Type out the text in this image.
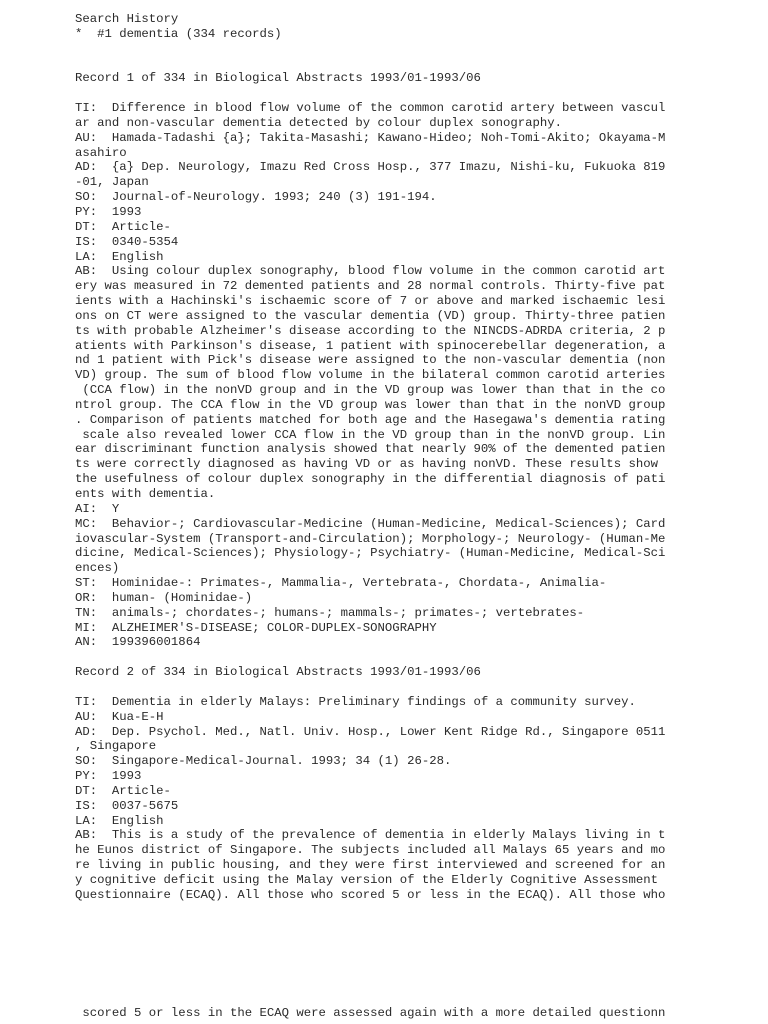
Search History
*  #1 dementia (334 records)
Record 1 of 334 in Biological Abstracts 1993/01-1993/06
TI:  Difference in blood flow volume of the common carotid artery between vascul
ar and non-vascular dementia detected by colour duplex sonography.
AU:  Hamada-Tadashi {a}; Takita-Masashi; Kawano-Hideo; Noh-Tomi-Akito; Okayama-M
asahiro
AD:  {a} Dep. Neurology, Imazu Red Cross Hosp., 377 Imazu, Nishi-ku, Fukuoka 819
-01, Japan
SO:  Journal-of-Neurology. 1993; 240 (3) 191-194.
PY:  1993
DT:  Article-
IS:  0340-5354
LA:  English
AB:  Using colour duplex sonography, blood flow volume in the common carotid art
ery was measured in 72 demented patients and 28 normal controls. Thirty-five pat
ients with a Hachinski's ischaemic score of 7 or above and marked ischaemic lesi
ons on CT were assigned to the vascular dementia (VD) group. Thirty-three patien
ts with probable Alzheimer's disease according to the NINCDS-ADRDA criteria, 2 p
atients with Parkinson's disease, 1 patient with spinocerebellar degeneration, a
nd 1 patient with Pick's disease were assigned to the non-vascular dementia (non
VD) group. The sum of blood flow volume in the bilateral common carotid arteries
(CCA flow) in the nonVD group and in the VD group was lower than that in the co
ntrol group. The CCA flow in the VD group was lower than that in the nonVD group
. Comparison of patients matched for both age and the Hasegawa's dementia rating
scale also revealed lower CCA flow in the VD group than in the nonVD group. Lin
ear discriminant function analysis showed that nearly 90% of the demented patien
ts were correctly diagnosed as having VD or as having nonVD. These results show
the usefulness of colour duplex sonography in the differential diagnosis of pati
ents with dementia.
AI:  Y
MC:  Behavior-; Cardiovascular-Medicine (Human-Medicine, Medical-Sciences); Card
iovascular-System (Transport-and-Circulation); Morphology-; Neurology- (Human-Me
dicine, Medical-Sciences); Physiology-; Psychiatry- (Human-Medicine, Medical-Sci
ences)
ST:  Hominidae-: Primates-, Mammalia-, Vertebrata-, Chordata-, Animalia-
OR:  human- (Hominidae-)
TN:  animals-; chordates-; humans-; mammals-; primates-; vertebrates-
MI:  ALZHEIMER'S-DISEASE; COLOR-DUPLEX-SONOGRAPHY
AN:  199396001864
Record 2 of 334 in Biological Abstracts 1993/01-1993/06
TI:  Dementia in elderly Malays: Preliminary findings of a community survey.
AU:  Kua-E-H
AD:  Dep. Psychol. Med., Natl. Univ. Hosp., Lower Kent Ridge Rd., Singapore 0511
, Singapore
SO:  Singapore-Medical-Journal. 1993; 34 (1) 26-28.
PY:  1993
DT:  Article-
IS:  0037-5675
LA:  English
AB:  This is a study of the prevalence of dementia in elderly Malays living in t
he Eunos district of Singapore. The subjects included all Malays 65 years and mo
re living in public housing, and they were first interviewed and screened for an
y cognitive deficit using the Malay version of the Elderly Cognitive Assessment
Questionnaire (ECAQ). All those who scored 5 or less in the ECAQ). All those who
scored 5 or less in the ECAQ were assessed again with a more detailed questionn
